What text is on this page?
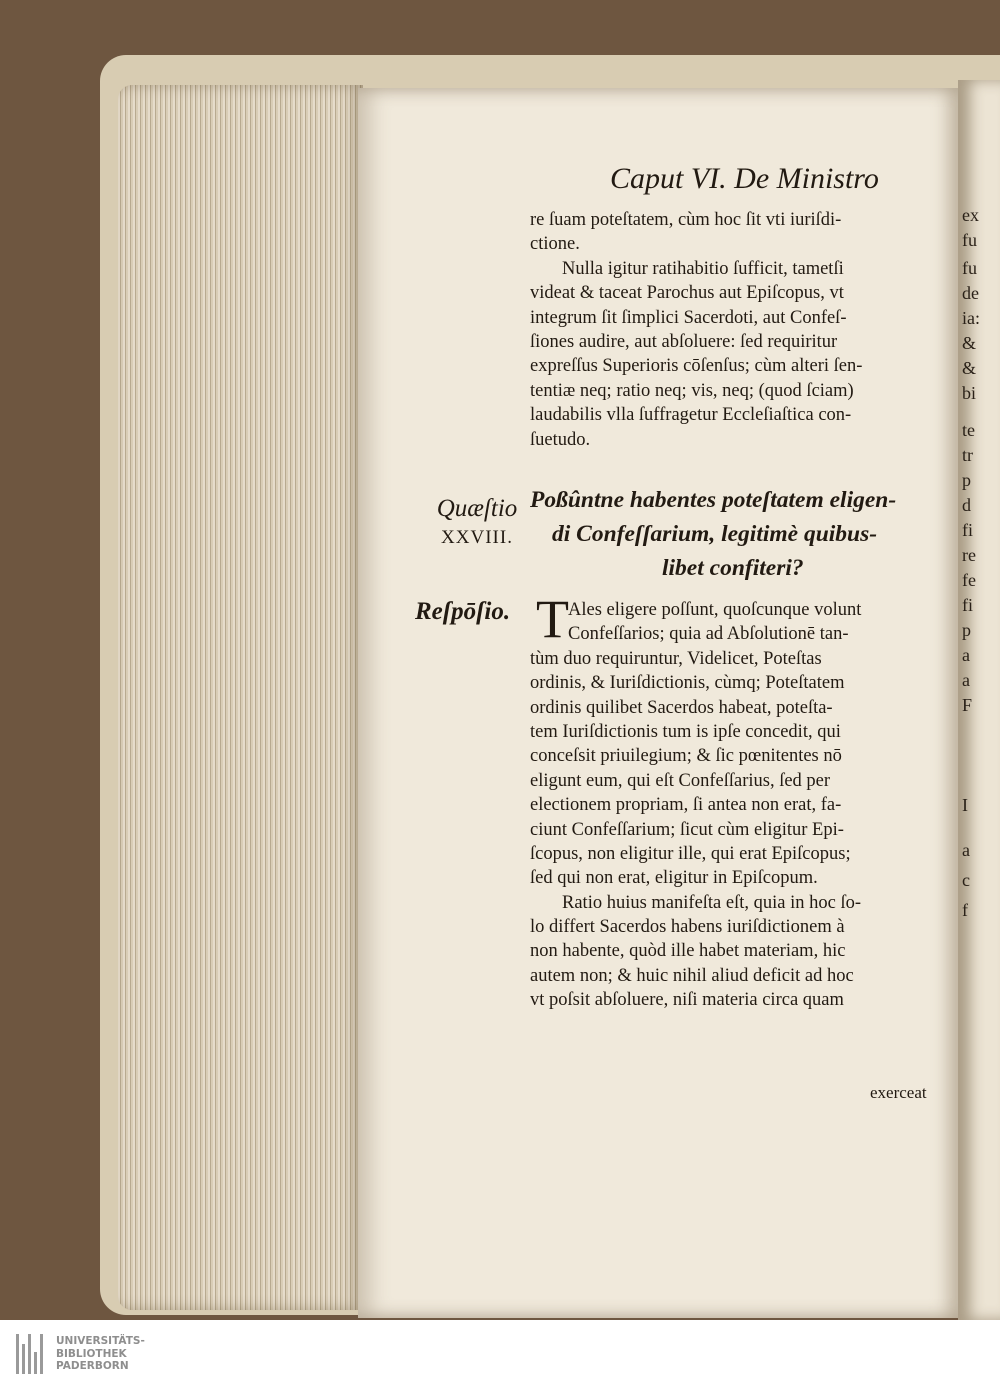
ex
fu
fu
de
ia:
&
&
bi
te
tr
p
d
fi
re
fe
fi
p
a
a
F
I
a
c
f
Caput VI. De Ministro
re ſuam poteſtatem, cùm hoc ſit vti iuriſdi-
ctione.
Nulla igitur ratihabitio ſufficit, tametſi
videat & taceat Parochus aut Epiſcopus, vt
integrum ſit ſimplici Sacerdoti, aut Confeſ-
ſiones audire, aut abſoluere: ſed requiritur
expreſſus Superioris cōſenſus; cùm alteri ſen-
tentiæ neq; ratio neq; vis, neq; (quod ſciam)
laudabilis vlla ſuffragetur Eccleſiaſtica con-
ſuetudo.
Quæſtio
XXVIII.
Poßûntne habentes poteſtatem eligen-
di Confeſſarium, legitimè quibus-
libet confiteri?
Reſpōſio. T Ales eligere poſſunt, quoſcunque volunt
Confeſſarios; quia ad Abſolutionē tan-
tùm duo requiruntur, Videlicet, Poteſtas
ordinis, & Iuriſdictionis, cùmq; Poteſtatem
ordinis quilibet Sacerdos habeat, poteſta-
tem Iuriſdictionis tum is ipſe concedit, qui
conceſsit priuilegium; & ſic pœnitentes nō
eligunt eum, qui eſt Confeſſarius, ſed per
electionem propriam, ſi antea non erat, fa-
ciunt Confeſſarium; ſicut cùm eligitur Epi-
ſcopus, non eligitur ille, qui erat Epiſcopus;
ſed qui non erat, eligitur in Epiſcopum.
Ratio huius manifeſta eſt, quia in hoc ſo-
lo differt Sacerdos habens iuriſdictionem à
non habente, quòd ille habet materiam, hic
autem non; & huic nihil aliud deficit ad hoc
vt poſsit abſoluere, niſi materia circa quam
exerceat
UNIVERSITÄTS-
BIBLIOTHEK
PADERBORN
